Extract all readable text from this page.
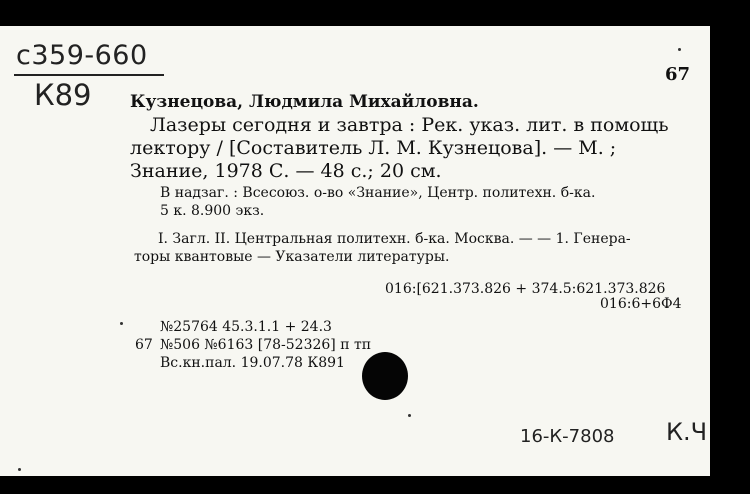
с359-660
К89
67
Кузнецова, Людмила Михайловна.
Лазеры сегодня и завтра : Рек. указ. лит. в помощь
лектору / [Составитель Л. М. Кузнецова]. — М. ;
Знание, 1978 С. — 48 с.; 20 см.
В надзаг. : Всесоюз. о-во «Знание», Центр. политехн. б-ка.
5 к. 8.900 экз.
I. Загл. II. Центральная политехн. б-ка. Москва. — — 1. Генера-
торы квантовые — Указатели литературы.
016:[621.373.826 + 374.5:621.373.826
016:6+6Ф4
№25764 45.3.1.1 + 24.3
67 №506 №6163 [78-52326] п тп
Вс.кн.пал. 19.07.78 К891
16-К-7808 К.Ч
